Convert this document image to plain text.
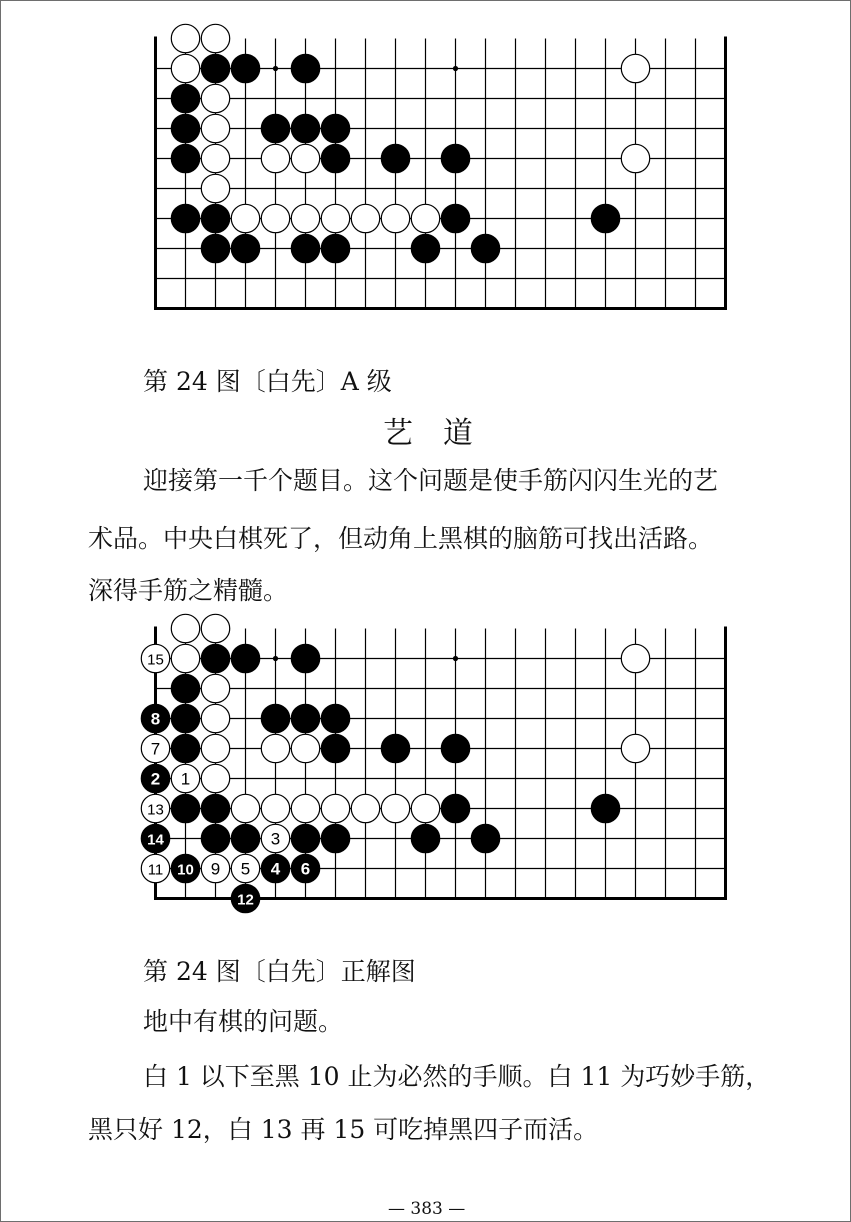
第 24 图〔白先〕A 级
艺道
迎接第一千个题目。这个问题是使手筋闪闪生光的艺
术品。中央白棋死了，但动角上黑棋的脑筋可找出活路。
深得手筋之精髓。
1
2
3
4
5	6
7
8
9
10
11
12
13
14
15
第 24 图〔白先〕正解图
地中有棋的问题。
白 1 以下至黑 10 止为必然的手顺。白 11 为巧妙手筋，
黑只好 12，白 13 再 15 可吃掉黑四子而活。
— 383 —
